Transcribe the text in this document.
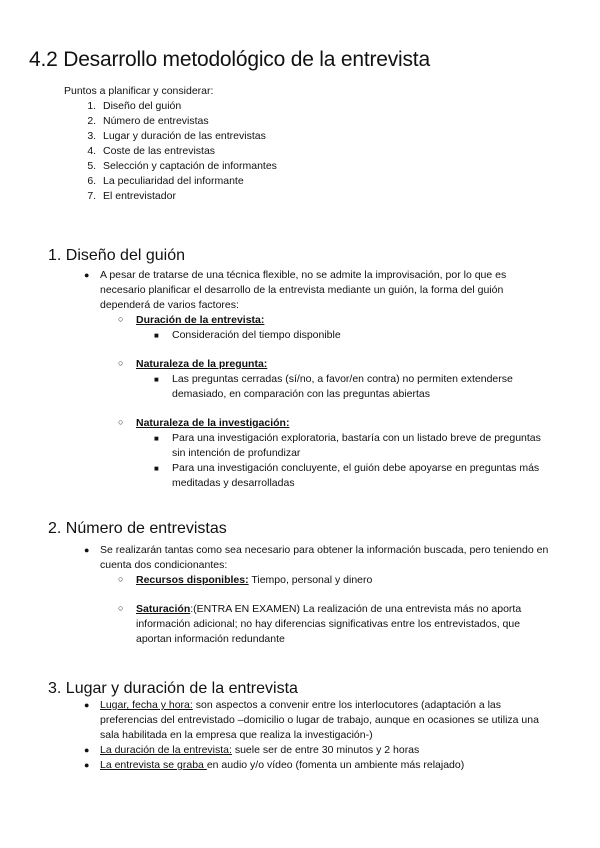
4.2 Desarrollo metodológico de la entrevista
Puntos a planificar y considerar:
1. Diseño del guión
2. Número de entrevistas
3. Lugar y duración de las entrevistas
4. Coste de las entrevistas
5. Selección y captación de informantes
6. La peculiaridad del informante
7. El entrevistador
1. Diseño del guión
● A pesar de tratarse de una técnica flexible, no se admite la improvisación, por lo que es necesario planificar el desarrollo de la entrevista mediante un guión, la forma del guión dependerá de varios factores:
○ Duración de la entrevista:
■ Consideración del tiempo disponible
○ Naturaleza de la pregunta:
■ Las preguntas cerradas (sí/no, a favor/en contra) no permiten extenderse demasiado, en comparación con las preguntas abiertas
○ Naturaleza de la investigación:
■ Para una investigación exploratoria, bastaría con un listado breve de preguntas sin intención de profundizar
■ Para una investigación concluyente, el guión debe apoyarse en preguntas más meditadas y desarrolladas
2. Número de entrevistas
● Se realizarán tantas como sea necesario para obtener la información buscada, pero teniendo en cuenta dos condicionantes:
○ Recursos disponibles: Tiempo, personal y dinero
○ Saturación:(ENTRA EN EXAMEN) La realización de una entrevista más no aporta información adicional; no hay diferencias significativas entre los entrevistados, que aportan información redundante
3. Lugar y duración de la entrevista
● Lugar, fecha y hora: son aspectos a convenir entre los interlocutores (adaptación a las preferencias del entrevistado –domicilio o lugar de trabajo, aunque en ocasiones se utiliza una sala habilitada en la empresa que realiza la investigación-)
● La duración de la entrevista: suele ser de entre 30 minutos y 2 horas
● La entrevista se graba en audio y/o vídeo (fomenta un ambiente más relajado)
